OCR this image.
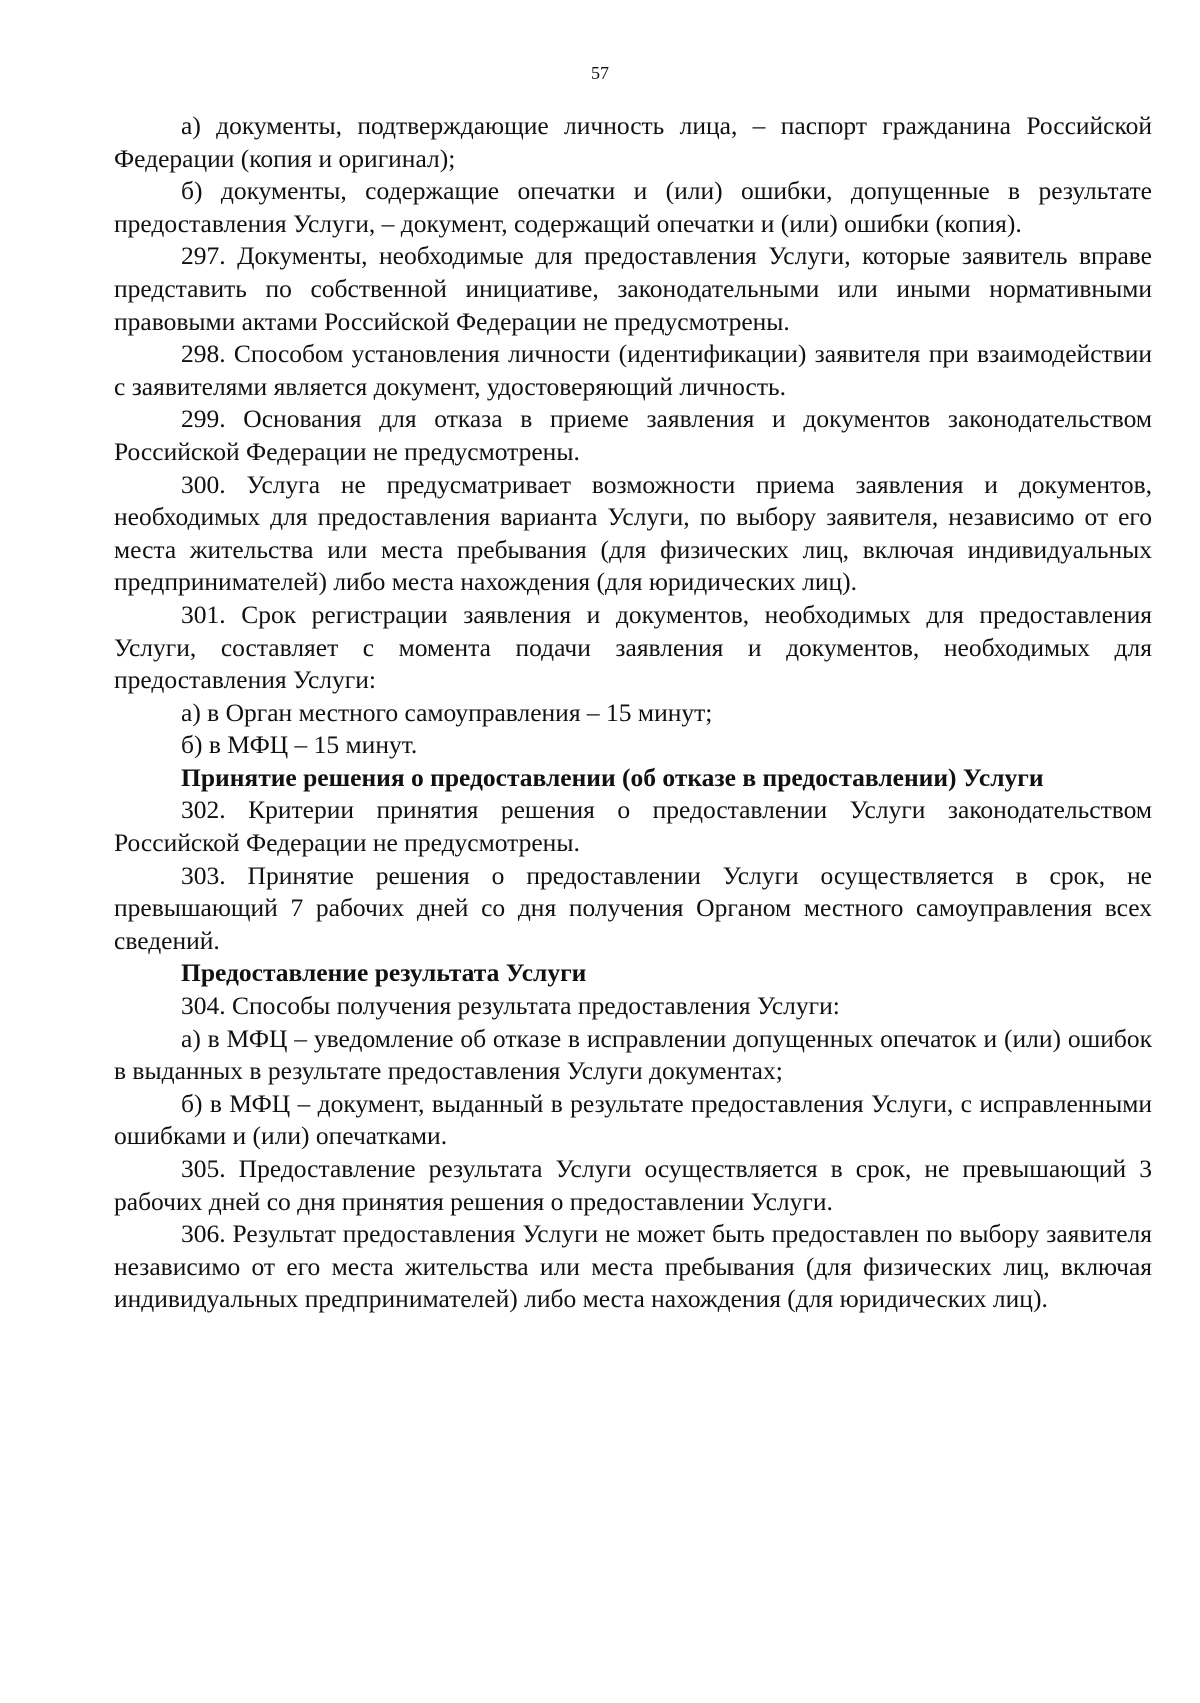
57

а) документы, подтверждающие личность лица, – паспорт гражданина Российской Федерации (копия и оригинал);

б) документы, содержащие опечатки и (или) ошибки, допущенные в результате предоставления Услуги, – документ, содержащий опечатки и (или) ошибки (копия).

297. Документы, необходимые для предоставления Услуги, которые заявитель вправе представить по собственной инициативе, законодательными или иными нормативными правовыми актами Российской Федерации не предусмотрены.

298. Способом установления личности (идентификации) заявителя при взаимодействии с заявителями является документ, удостоверяющий личность.

299. Основания для отказа в приеме заявления и документов законодательством Российской Федерации не предусмотрены.

300. Услуга не предусматривает возможности приема заявления и документов, необходимых для предоставления варианта Услуги, по выбору заявителя, независимо от его места жительства или места пребывания (для физических лиц, включая индивидуальных предпринимателей) либо места нахождения (для юридических лиц).

301. Срок регистрации заявления и документов, необходимых для предоставления Услуги, составляет с момента подачи заявления и документов, необходимых для предоставления Услуги:

а) в Орган местного самоуправления – 15 минут;

б) в МФЦ – 15 минут.

Принятие решения о предоставлении (об отказе в предоставлении) Услуги

302. Критерии принятия решения о предоставлении Услуги законодательством Российской Федерации не предусмотрены.

303. Принятие решения о предоставлении Услуги осуществляется в срок, не превышающий 7 рабочих дней со дня получения Органом местного самоуправления всех сведений.

Предоставление результата Услуги

304. Способы получения результата предоставления Услуги:

а) в МФЦ – уведомление об отказе в исправлении допущенных опечаток и (или) ошибок в выданных в результате предоставления Услуги документах;

б) в МФЦ – документ, выданный в результате предоставления Услуги, с исправленными ошибками и (или) опечатками.

305. Предоставление результата Услуги осуществляется в срок, не превышающий 3 рабочих дней со дня принятия решения о предоставлении Услуги.

306. Результат предоставления Услуги не может быть предоставлен по выбору заявителя независимо от его места жительства или места пребывания (для физических лиц, включая индивидуальных предпринимателей) либо места нахождения (для юридических лиц).
